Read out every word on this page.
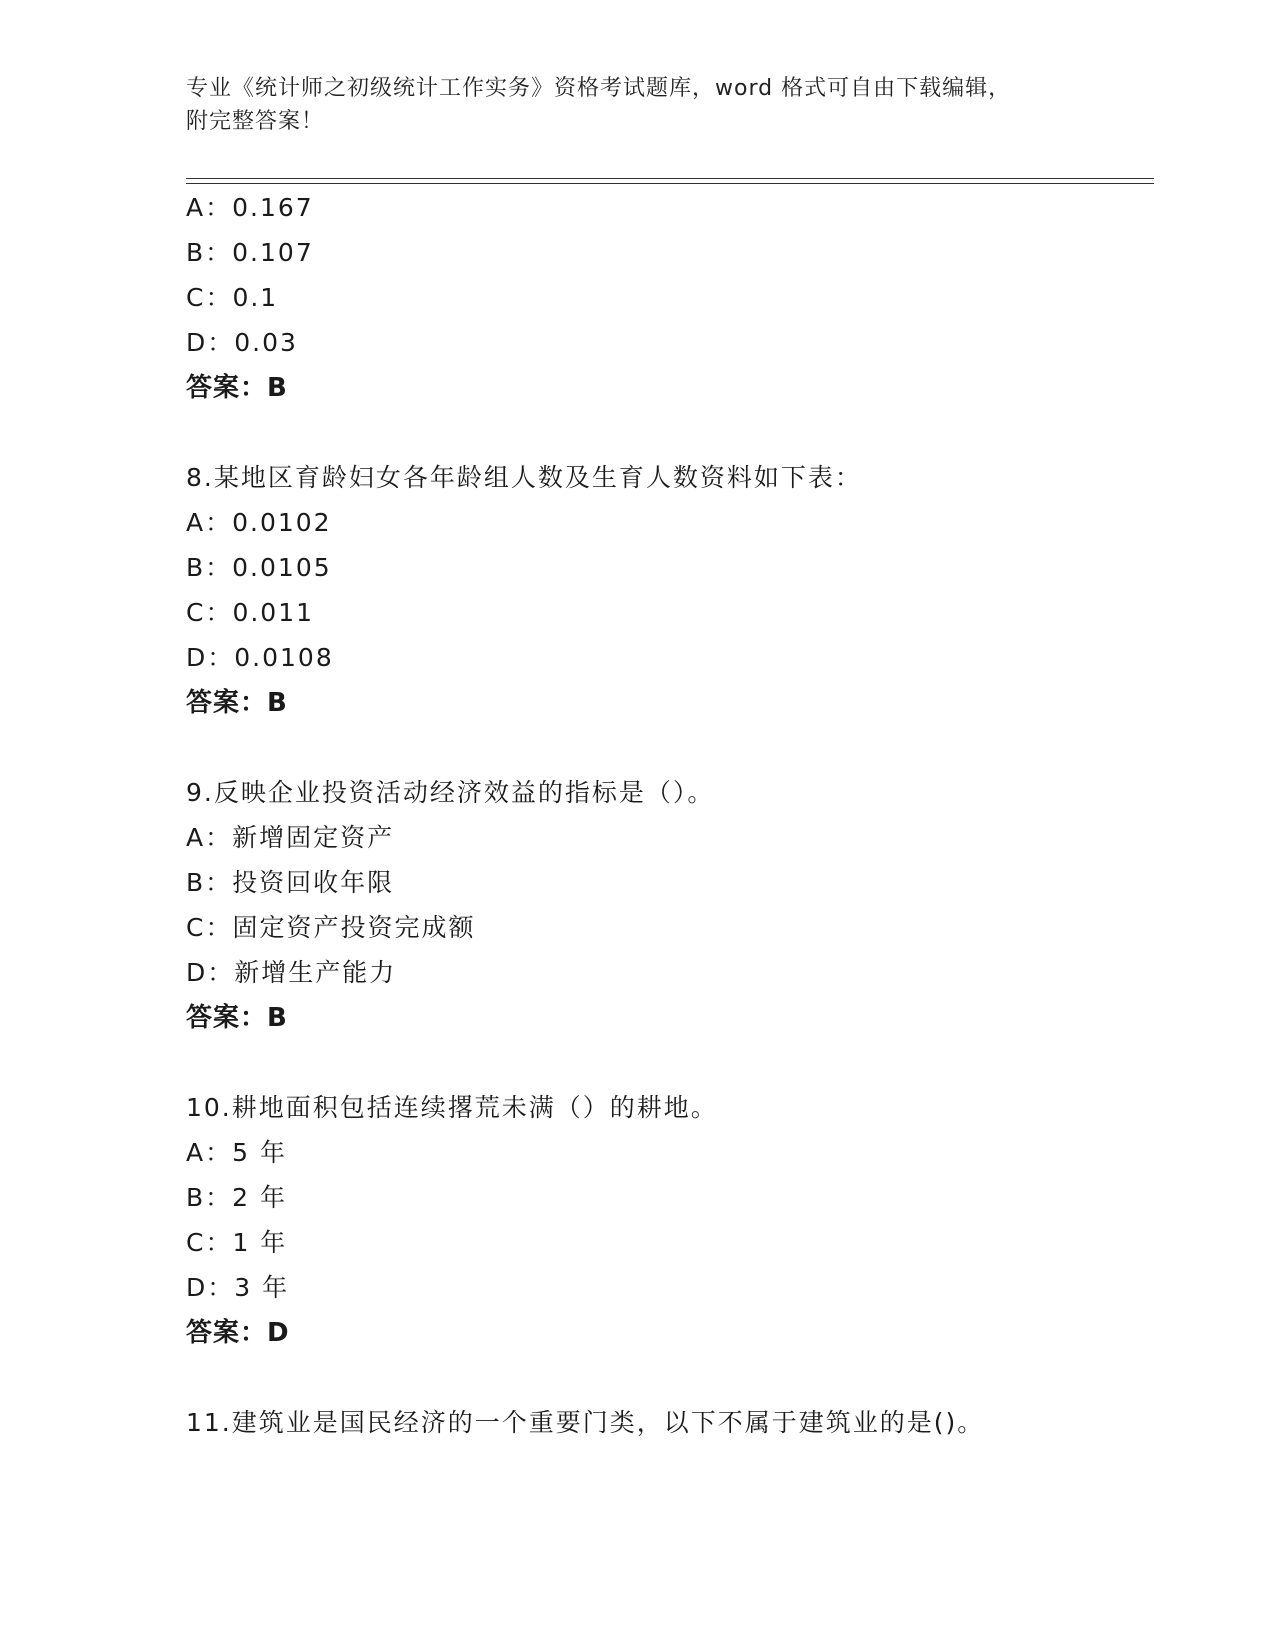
专业《统计师之初级统计工作实务》资格考试题库，word 格式可自由下载编辑，
附完整答案！
A：0.167
B：0.107
C：0.1
D：0.03
答案：B
8.某地区育龄妇女各年龄组人数及生育人数资料如下表：
A：0.0102
B：0.0105
C：0.011
D：0.0108
答案：B
9.反映企业投资活动经济效益的指标是（）。
A：新增固定资产
B：投资回收年限
C：固定资产投资完成额
D：新增生产能力
答案：B
10.耕地面积包括连续撂荒未满（）的耕地。
A：5 年
B：2 年
C：1 年
D：3 年
答案：D
11.建筑业是国民经济的一个重要门类，以下不属于建筑业的是()。
